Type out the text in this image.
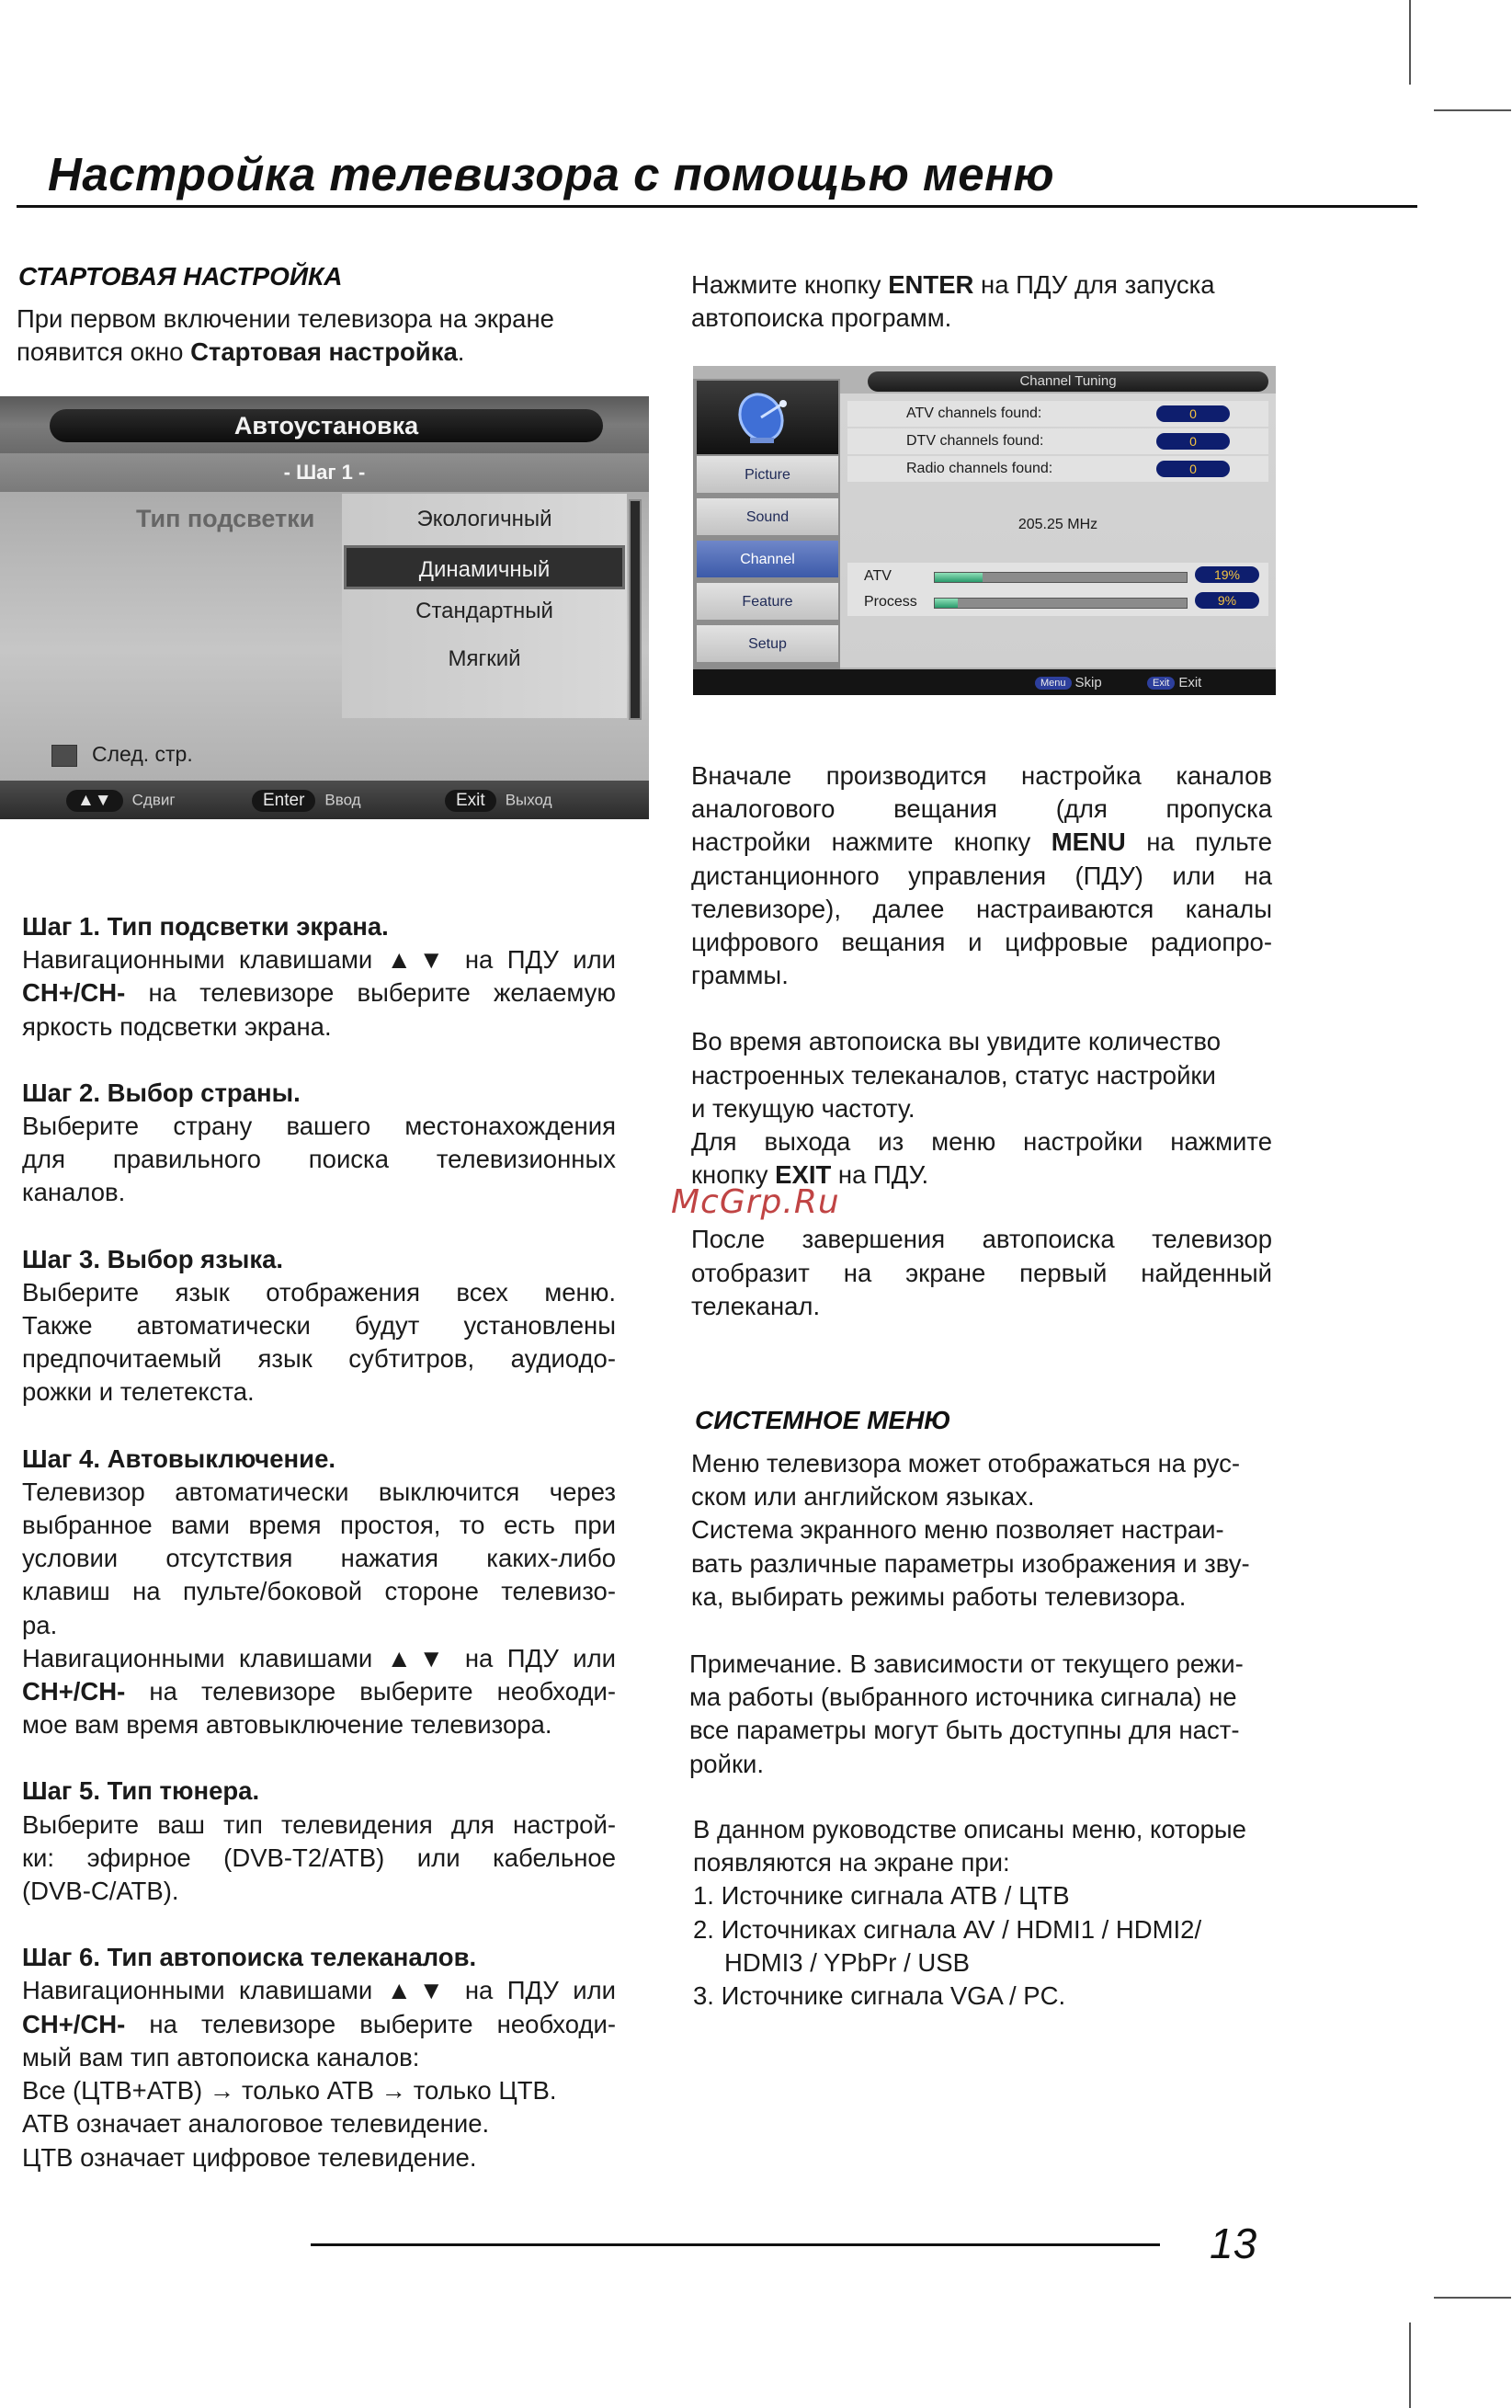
Настройка телевизора с помощью меню
СТАРТОВАЯ НАСТРОЙКА

При первом включении телевизора на экране появится окно Стартовая настройка.

Автоустановка
- Шаг 1 -
Тип подсветки	Экологичный
Динамичный
Стандартный
Мягкий
След. стр.
▲▼ Сдвиг	Enter Ввод	Exit Выход

Шаг 1. Тип подсветки экрана.

Навигационными клавишами ▲▼ на ПДУ или

CH+/CH- на телевизоре выберите желаемую

яркость подсветки экрана.

Шаг 2. Выбор страны.

Выберите страну вашего местонахождения

для правильного поиска телевизионных

каналов.

Шаг 3. Выбор языка.

Выберите язык отображения всех меню.

Также автоматически будут установлены

предпочитаемый язык субтитров, аудиодо-

рожки и телетекста.

Шаг 4. Автовыключение.

Телевизор автоматически выключится через

выбранное вами время простоя, то есть при

условии отсутствия нажатия каких-либо

клавиш на пульте/боковой стороне телевизо-

ра.

Навигационными клавишами ▲▼ на ПДУ или

CH+/CH- на телевизоре выберите необходи-

мое вам время автовыключение телевизора.

Шаг 5. Тип тюнера.

Выберите ваш тип телевидения для настрой-

ки: эфирное (DVB-T2/АТВ) или кабельное

(DVB-C/АТВ).

Шаг 6. Тип автопоиска телеканалов.

Навигационными клавишами ▲▼ на ПДУ или

CH+/CH- на телевизоре выберите необходи-

мый вам тип автопоиска каналов:

Все (ЦТВ+АТВ) → только АТВ → только ЦТВ.

АТВ означает аналоговое телевидение.

ЦТВ означает цифровое телевидение.

Нажмите кнопку ENTER на ПДУ для запуска

автопоиска программ.

Picture
Sound
Channel
Feature
Setup
Channel Tuning
ATV channels found:	0
DTV channels found:	0
Radio channels found:	0
205.25 MHz
ATV	19%
Process	9%
Menu Skip	Exit Exit

Вначале производится настройка каналов

аналогового вещания (для пропуска

настройки нажмите кнопку MENU на пульте

дистанционного управления (ПДУ) или на

телевизоре), далее настраиваются каналы

цифрового вещания и цифровые радиопро-

граммы.

Во время автопоиска вы увидите количество

настроенных телеканалов, статус настройки

и текущую частоту.

Для выхода из меню настройки нажмите

кнопку EXIT на ПДУ.

После завершения автопоиска телевизор

отобразит на экране первый найденный

телеканал.

McGrp.Ru
СИСТЕМНОЕ МЕНЮ

Меню телевизора может отображаться на рус-

ском или английском языках.

Система экранного меню позволяет настраи-

вать различные параметры изображения и зву-

ка, выбирать режимы работы телевизора.

Примечание. В зависимости от текущего режи-

ма работы (выбранного источника сигнала) не

все параметры могут быть доступны для наст-

ройки.

В данном руководстве описаны меню, которые

появляются на экране при:

1. Источнике сигнала АТВ / ЦТВ

2. Источниках сигнала AV / HDMI1 / HDMI2/

HDMI3 / YPbPr / USB

3. Источнике сигнала VGA / PC.

13
